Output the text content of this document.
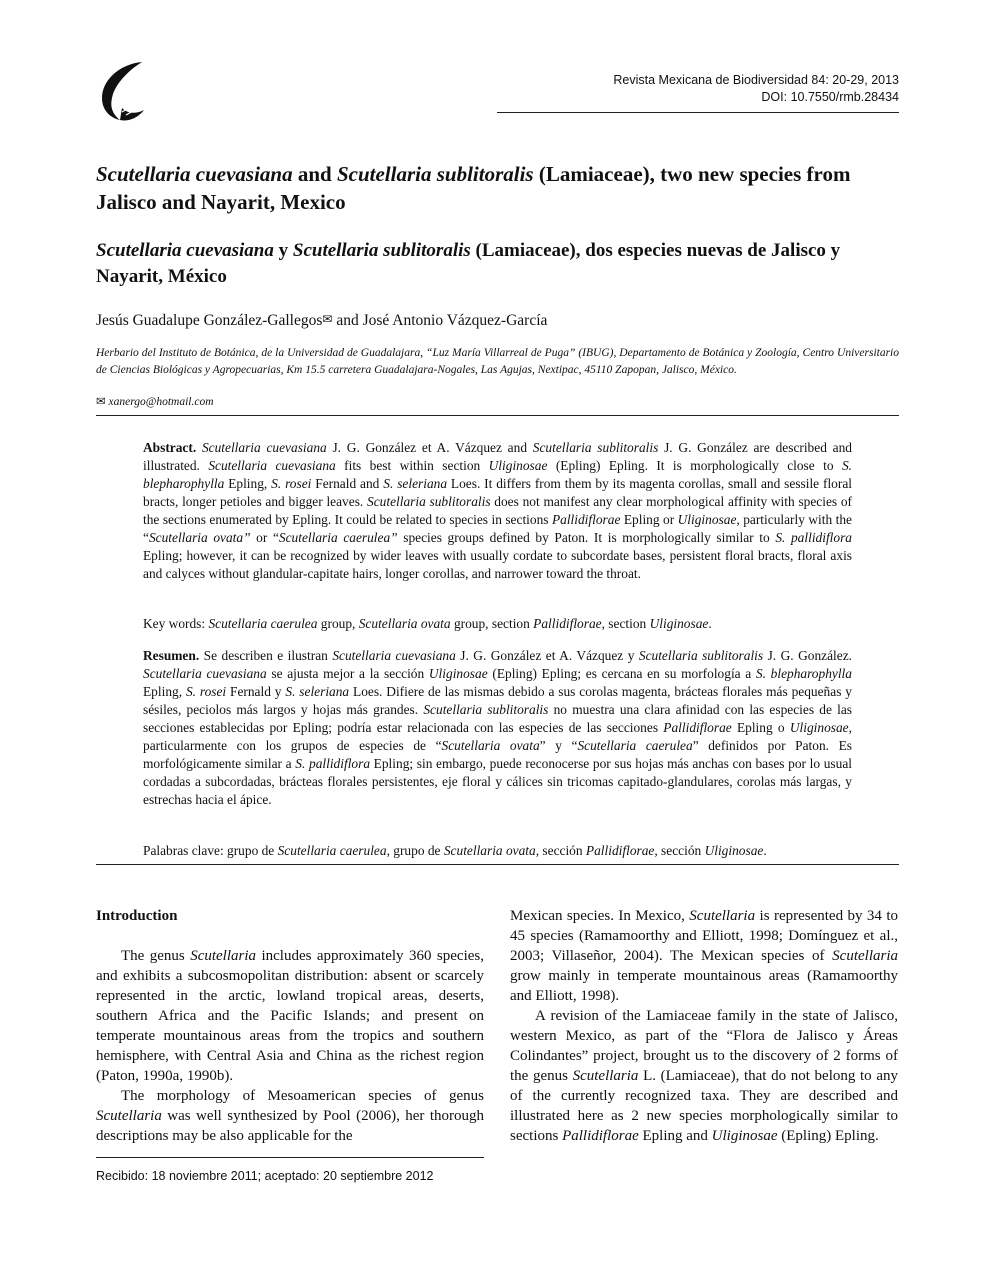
Revista Mexicana de Biodiversidad 84: 20-29, 2013
DOI: 10.7550/rmb.28434
Scutellaria cuevasiana and Scutellaria sublitoralis (Lamiaceae), two new species from Jalisco and Nayarit, Mexico
Scutellaria cuevasiana y Scutellaria sublitoralis (Lamiaceae), dos especies nuevas de Jalisco y Nayarit, México
Jesús Guadalupe González-Gallegos✉ and José Antonio Vázquez-García
Herbario del Instituto de Botánica, de la Universidad de Guadalajara, “Luz María Villarreal de Puga” (IBUG), Departamento de Botánica y Zoología, Centro Universitario de Ciencias Biológicas y Agropecuarias, Km 15.5 carretera Guadalajara-Nogales, Las Agujas, Nextipac, 45110 Zapopan, Jalisco, México.
✉ xanergo@hotmail.com
Abstract. Scutellaria cuevasiana J. G. González et A. Vázquez and Scutellaria sublitoralis J. G. González are described and illustrated. Scutellaria cuevasiana fits best within section Uliginosae (Epling) Epling. It is morphologically close to S. blepharophylla Epling, S. rosei Fernald and S. seleriana Loes. It differs from them by its magenta corollas, small and sessile floral bracts, longer petioles and bigger leaves. Scutellaria sublitoralis does not manifest any clear morphological affinity with species of the sections enumerated by Epling. It could be related to species in sections Pallidiflorae Epling or Uliginosae, particularly with the “Scutellaria ovata” or “Scutellaria caerulea” species groups defined by Paton. It is morphologically similar to S. pallidiflora Epling; however, it can be recognized by wider leaves with usually cordate to subcordate bases, persistent floral bracts, floral axis and calyces without glandular-capitate hairs, longer corollas, and narrower toward the throat.
Key words: Scutellaria caerulea group, Scutellaria ovata group, section Pallidiflorae, section Uliginosae.
Resumen. Se describen e ilustran Scutellaria cuevasiana J. G. González et A. Vázquez y Scutellaria sublitoralis J. G. González. Scutellaria cuevasiana se ajusta mejor a la sección Uliginosae (Epling) Epling; es cercana en su morfología a S. blepharophylla Epling, S. rosei Fernald y S. seleriana Loes. Difiere de las mismas debido a sus corolas magenta, brácteas florales más pequeñas y sésiles, peciolos más largos y hojas más grandes. Scutellaria sublitoralis no muestra una clara afinidad con las especies de las secciones establecidas por Epling; podría estar relacionada con las especies de las secciones Pallidiflorae Epling o Uliginosae, particularmente con los grupos de especies de “Scutellaria ovata” y “Scutellaria caerulea” definidos por Paton. Es morfológicamente similar a S. pallidiflora Epling; sin embargo, puede reconocerse por sus hojas más anchas con bases por lo usual cordadas a subcordadas, brácteas florales persistentes, eje floral y cálices sin tricomas capitado-glandulares, corolas más largas, y estrechas hacia el ápice.
Palabras clave: grupo de Scutellaria caerulea, grupo de Scutellaria ovata, sección Pallidiflorae, sección Uliginosae.
Introduction

The genus Scutellaria includes approximately 360 species, and exhibits a subcosmopolitan distribution: absent or scarcely represented in the arctic, lowland tropical areas, deserts, southern Africa and the Pacific Islands; and present on temperate mountainous areas from the tropics and southern hemisphere, with Central Asia and China as the richest region (Paton, 1990a, 1990b).

The morphology of Mesoamerican species of genus Scutellaria was well synthesized by Pool (2006), her thorough descriptions may be also applicable for the

Mexican species. In Mexico, Scutellaria is represented by 34 to 45 species (Ramamoorthy and Elliott, 1998; Domínguez et al., 2003; Villaseñor, 2004). The Mexican species of Scutellaria grow mainly in temperate mountainous areas (Ramamoorthy and Elliott, 1998).

A revision of the Lamiaceae family in the state of Jalisco, western Mexico, as part of the “Flora de Jalisco y Áreas Colindantes” project, brought us to the discovery of 2 forms of the genus Scutellaria L. (Lamiaceae), that do not belong to any of the currently recognized taxa. They are described and illustrated here as 2 new species morphologically similar to sections Pallidiflorae Epling and Uliginosae (Epling) Epling.

Recibido: 18 noviembre 2011; aceptado: 20 septiembre 2012
